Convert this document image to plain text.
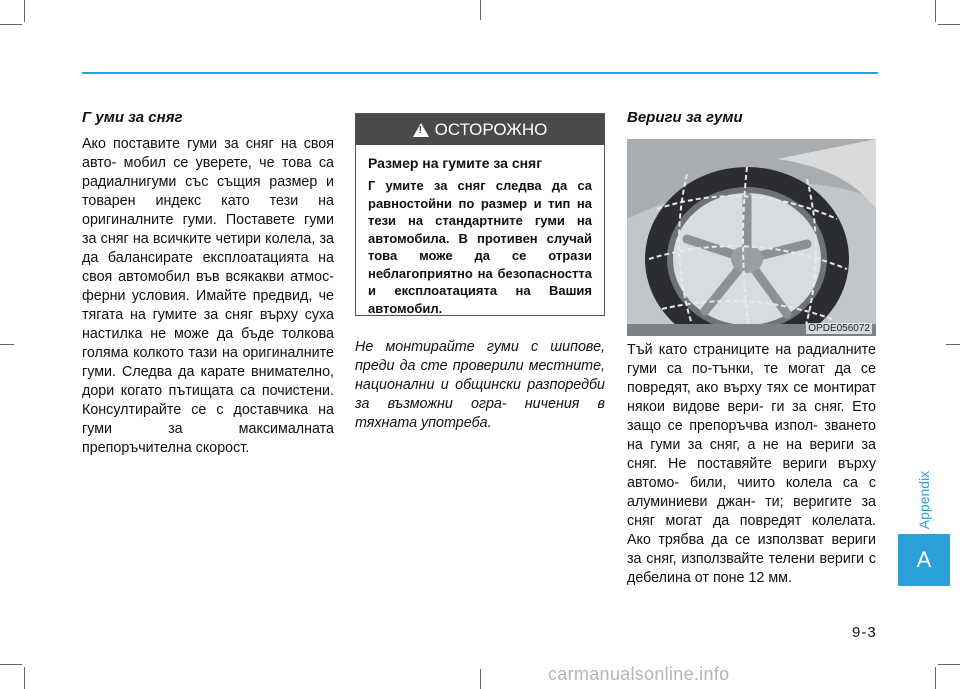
Г уми за сняг

Ако поставите гуми за сняг на своя авто- мобил се уверете, че това са радиалнигуми със същия размер и товарен индекс като тези на оригиналните гуми. Поставете гуми за сняг на всичките четири колела, за да балансирате експлоатацията на своя автомобил във всякакви атмос- ферни условия. Имайте предвид, че тягата на гумите за сняг върху суха настилка не може да бъде толкова голяма колкото тази на оригиналните гуми. Следва да карате внимателно, дори когато пътищата са почистени. Консултирайте се с доставчика на гуми за максималната препоръчителна скорост.

!
ОСТОРОЖНО
Размер на гумите за сняг
Г умите за сняг следва да са равностойни по размер и тип на тези на стандартните гуми на автомобила. В противен случай това може да се отрази неблагоприятно на безопасността и експлоатацията на Вашия автомобил.

Не монтирайте гуми с шипове, преди да сте проверили местните, национални и общински разпоредби за възможни огра- ничения в тяхната употреба.

Вериги за гуми

OPDE056072

Тъй като страниците на радиалните гуми са по-тънки, те могат да се повредят, ако върху тях се монтират някои видове вери- ги за сняг. Ето защо се препоръчва изпол- зването на гуми за сняг, а не на вериги за сняг. Не поставяйте вериги върху автомо- били, чиито колела са с алуминиеви джан- ти; веригите за сняг могат да повредят колелата. Ако трябва да се използват вериги за сняг, използвайте телени вериги с дебелина от поне 12 мм.

Appendix
A
9-3
carmanualsonline.info
